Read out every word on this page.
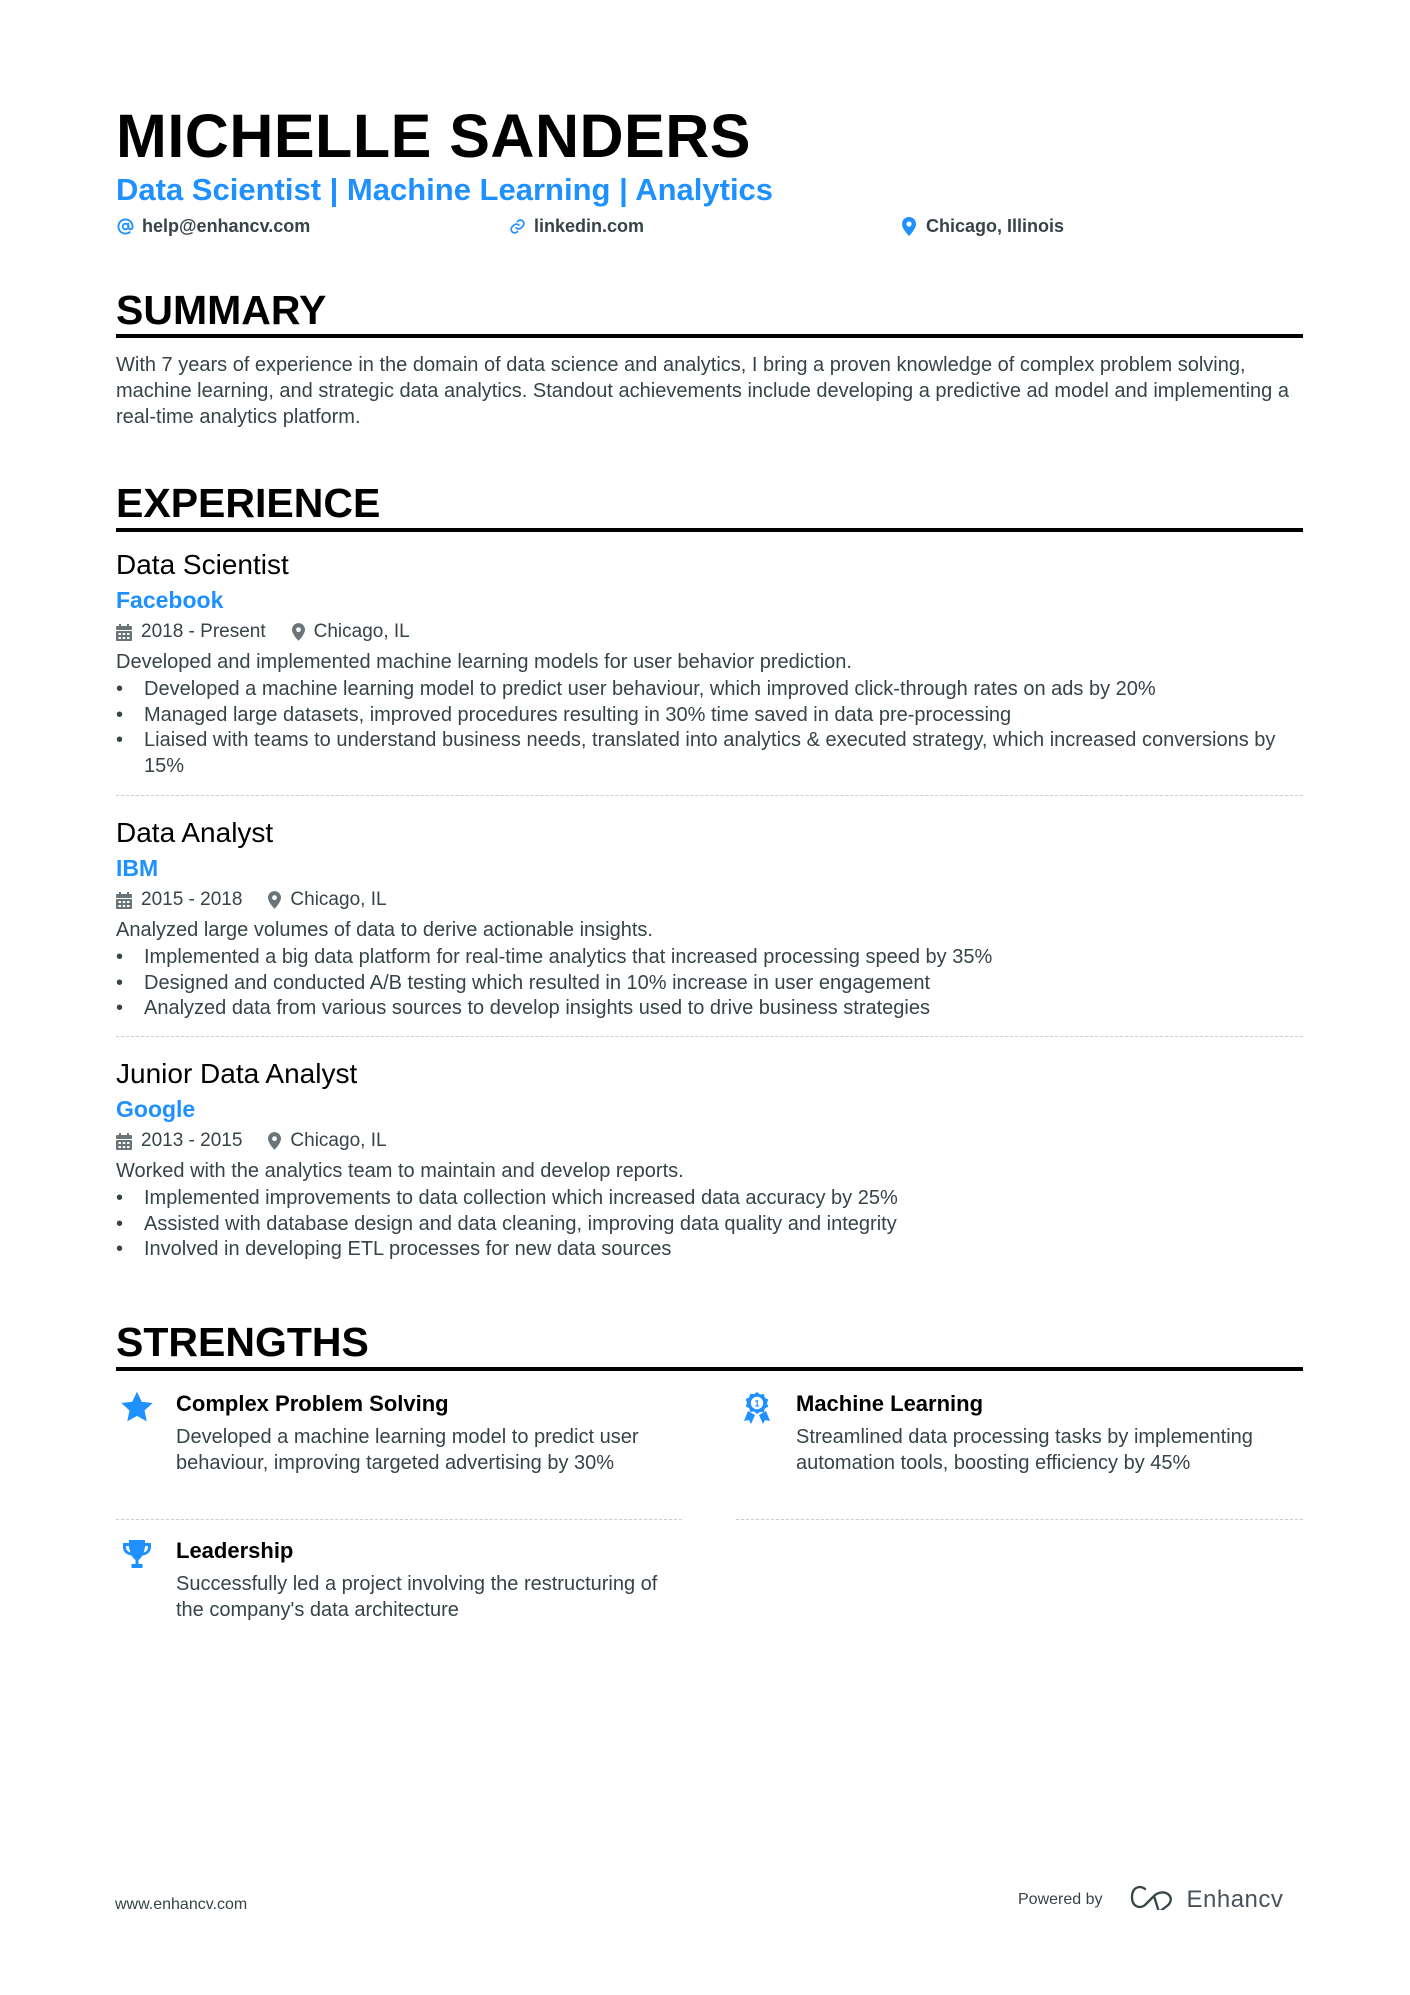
MICHELLE SANDERS
Data Scientist | Machine Learning | Analytics
help@enhancv.com	linkedin.com	Chicago, Illinois
SUMMARY
With 7 years of experience in the domain of data science and analytics, I bring a proven knowledge of complex problem solving, machine learning, and strategic data analytics. Standout achievements include developing a predictive ad model and implementing a real-time analytics platform.
EXPERIENCE
Data Scientist
Facebook
2018 - Present	Chicago, IL
Developed and implemented machine learning models for user behavior prediction.
• Developed a machine learning model to predict user behaviour, which improved click-through rates on ads by 20%
• Managed large datasets, improved procedures resulting in 30% time saved in data pre-processing
• Liaised with teams to understand business needs, translated into analytics & executed strategy, which increased conversions by 15%
Data Analyst
IBM
2015 - 2018	Chicago, IL
Analyzed large volumes of data to derive actionable insights.
• Implemented a big data platform for real-time analytics that increased processing speed by 35%
• Designed and conducted A/B testing which resulted in 10% increase in user engagement
• Analyzed data from various sources to develop insights used to drive business strategies
Junior Data Analyst
Google
2013 - 2015	Chicago, IL
Worked with the analytics team to maintain and develop reports.
• Implemented improvements to data collection which increased data accuracy by 25%
• Assisted with database design and data cleaning, improving data quality and integrity
• Involved in developing ETL processes for new data sources
STRENGTHS
Complex Problem Solving
Developed a machine learning model to predict user behaviour, improving targeted advertising by 30%
1 Machine Learning
Streamlined data processing tasks by implementing automation tools, boosting efficiency by 45%
Leadership
Successfully led a project involving the restructuring of the company's data architecture
www.enhancv.com	Powered by	Enhancv
